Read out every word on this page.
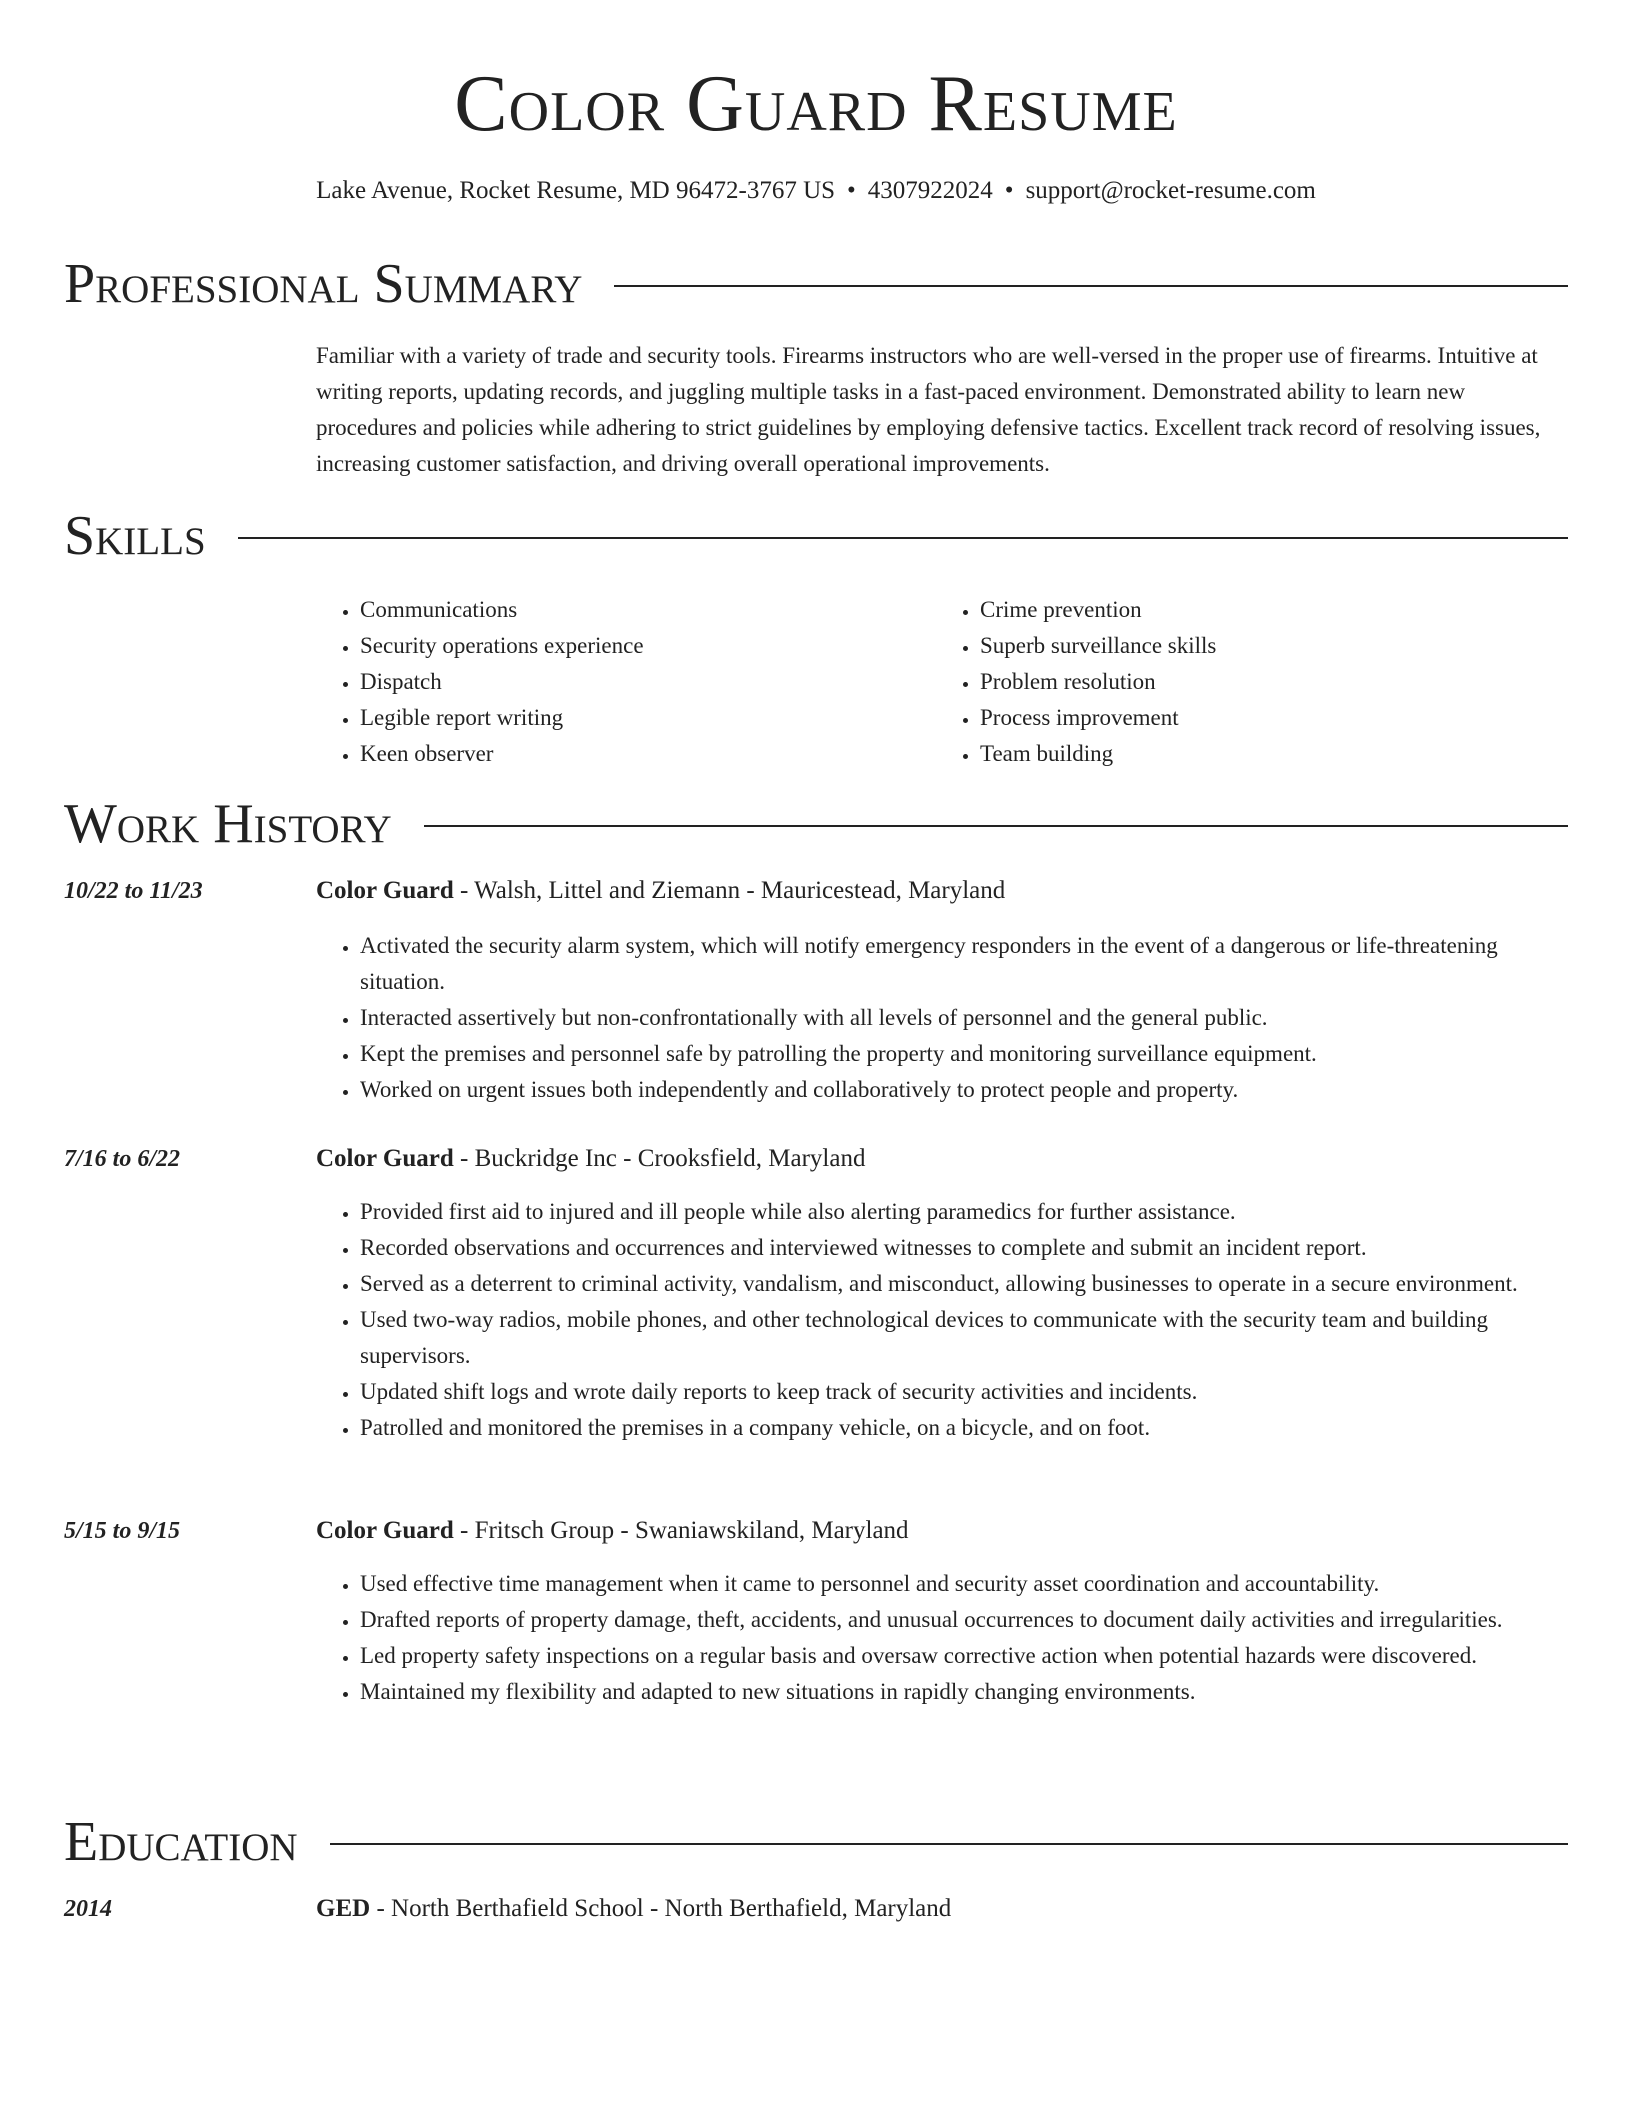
Color Guard Resume
Lake Avenue, Rocket Resume, MD 96472-3767 US • 4307922024 • support@rocket-resume.com
Professional Summary
Familiar with a variety of trade and security tools. Firearms instructors who are well-versed in the proper use of firearms. Intuitive at writing reports, updating records, and juggling multiple tasks in a fast-paced environment. Demonstrated ability to learn new procedures and policies while adhering to strict guidelines by employing defensive tactics. Excellent track record of resolving issues, increasing customer satisfaction, and driving overall operational improvements.
Skills
• Communications
• Security operations experience
• Dispatch
• Legible report writing
• Keen observer
• Crime prevention
• Superb surveillance skills
• Problem resolution
• Process improvement
• Team building
Work History
10/22 to 11/23	Color Guard - Walsh, Littel and Ziemann - Mauricestead, Maryland
• Activated the security alarm system, which will notify emergency responders in the event of a dangerous or life-threatening situation.
• Interacted assertively but non-confrontationally with all levels of personnel and the general public.
• Kept the premises and personnel safe by patrolling the property and monitoring surveillance equipment.
• Worked on urgent issues both independently and collaboratively to protect people and property.
7/16 to 6/22	Color Guard - Buckridge Inc - Crooksfield, Maryland
• Provided first aid to injured and ill people while also alerting paramedics for further assistance.
• Recorded observations and occurrences and interviewed witnesses to complete and submit an incident report.
• Served as a deterrent to criminal activity, vandalism, and misconduct, allowing businesses to operate in a secure environment.
• Used two-way radios, mobile phones, and other technological devices to communicate with the security team and building supervisors.
• Updated shift logs and wrote daily reports to keep track of security activities and incidents.
• Patrolled and monitored the premises in a company vehicle, on a bicycle, and on foot.
5/15 to 9/15	Color Guard - Fritsch Group - Swaniawskiland, Maryland
• Used effective time management when it came to personnel and security asset coordination and accountability.
• Drafted reports of property damage, theft, accidents, and unusual occurrences to document daily activities and irregularities.
• Led property safety inspections on a regular basis and oversaw corrective action when potential hazards were discovered.
• Maintained my flexibility and adapted to new situations in rapidly changing environments.
Education
2014	GED - North Berthafield School - North Berthafield, Maryland
